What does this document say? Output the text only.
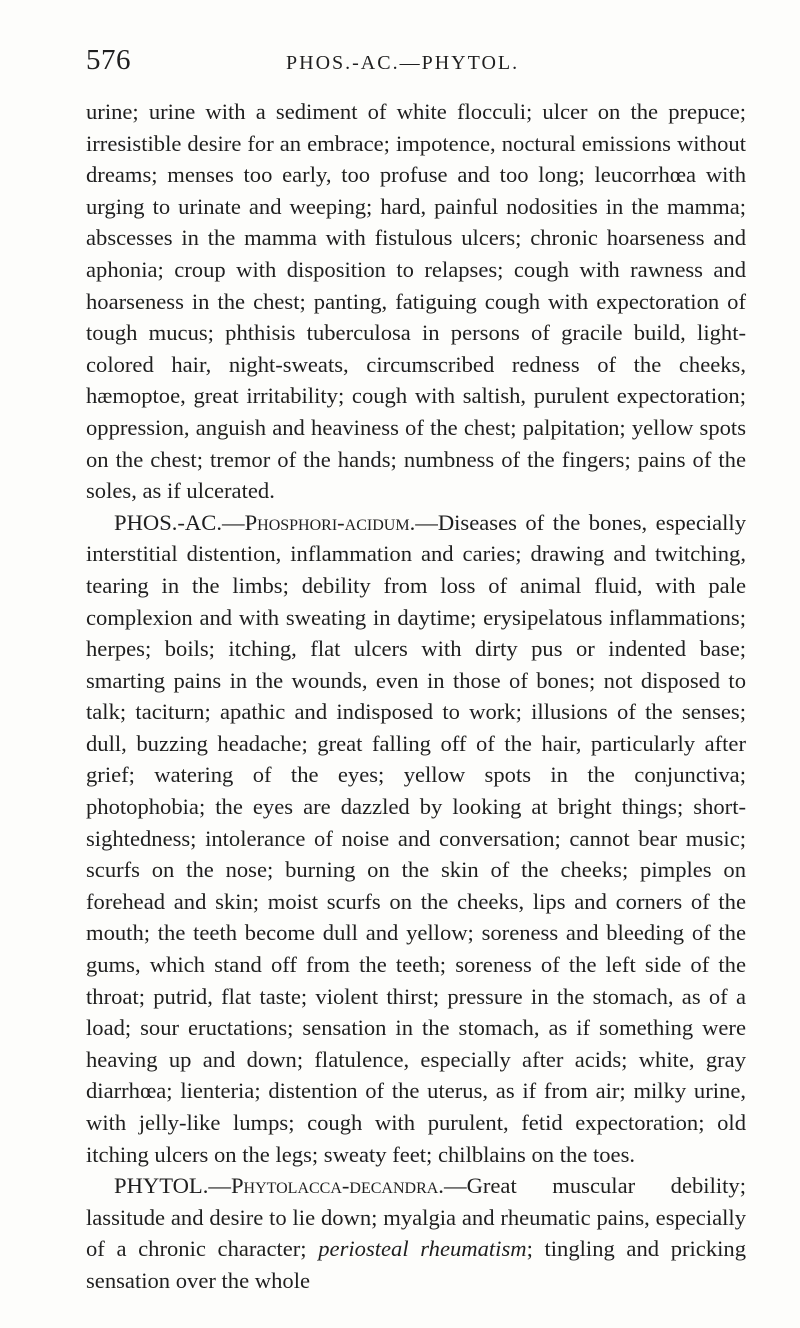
576	PHOS.-AC.—PHYTOL.

urine; urine with a sediment of white flocculi; ulcer on the prepuce; irresistible desire for an embrace; impotence, noctural emissions without dreams; menses too early, too profuse and too long; leucorrhœa with urging to urinate and weeping; hard, painful nodosities in the mamma; abscesses in the mamma with fistulous ulcers; chronic hoarseness and aphonia; croup with disposition to relapses; cough with rawness and hoarseness in the chest; panting, fatiguing cough with expectoration of tough mucus; phthisis tuberculosa in persons of gracile build, light-colored hair, night-sweats, circumscribed redness of the cheeks, hæmoptoe, great irritability; cough with saltish, purulent expectoration; oppression, anguish and heaviness of the chest; palpitation; yellow spots on the chest; tremor of the hands; numbness of the fingers; pains of the soles, as if ulcerated.

PHOS.-AC.—Phosphori-acidum.—Diseases of the bones, especially interstitial distention, inflammation and caries; drawing and twitching, tearing in the limbs; debility from loss of animal fluid, with pale complexion and with sweating in daytime; erysipelatous inflammations; herpes; boils; itching, flat ulcers with dirty pus or indented base; smarting pains in the wounds, even in those of bones; not disposed to talk; taciturn; apathic and indisposed to work; illusions of the senses; dull, buzzing headache; great falling off of the hair, particularly after grief; watering of the eyes; yellow spots in the conjunctiva; photophobia; the eyes are dazzled by looking at bright things; short-sightedness; intolerance of noise and conversation; cannot bear music; scurfs on the nose; burning on the skin of the cheeks; pimples on forehead and skin; moist scurfs on the cheeks, lips and corners of the mouth; the teeth become dull and yellow; soreness and bleeding of the gums, which stand off from the teeth; soreness of the left side of the throat; putrid, flat taste; violent thirst; pressure in the stomach, as of a load; sour eructations; sensation in the stomach, as if something were heaving up and down; flatulence, especially after acids; white, gray diarrhœa; lienteria; distention of the uterus, as if from air; milky urine, with jelly-like lumps; cough with purulent, fetid expectoration; old itching ulcers on the legs; sweaty feet; chilblains on the toes.

PHYTOL.—Phytolacca-decandra.—Great muscular debility; lassitude and desire to lie down; myalgia and rheumatic pains, especially of a chronic character; periosteal rheumatism; tingling and pricking sensation over the whole
